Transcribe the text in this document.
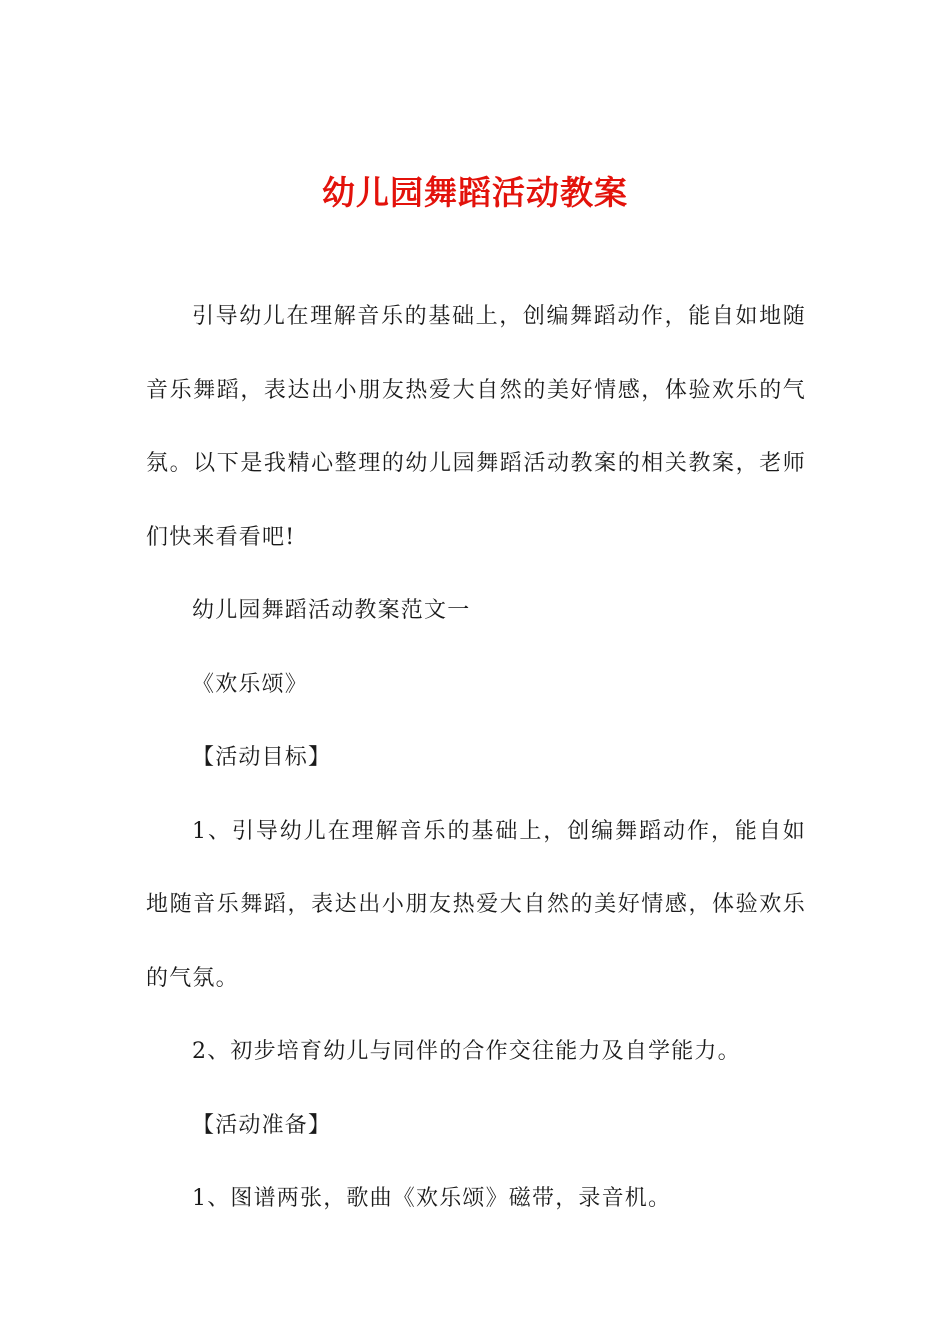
幼儿园舞蹈活动教案

引导幼儿在理解音乐的基础上，创编舞蹈动作，能自如地随音乐舞蹈，表达出小朋友热爱大自然的美好情感，体验欢乐的气氛。以下是我精心整理的幼儿园舞蹈活动教案的相关教案，老师们快来看看吧!

幼儿园舞蹈活动教案范文一

《欢乐颂》

【活动目标】

1、引导幼儿在理解音乐的基础上，创编舞蹈动作，能自如地随音乐舞蹈，表达出小朋友热爱大自然的美好情感，体验欢乐的气氛。

2、初步培育幼儿与同伴的合作交往能力及自学能力。

【活动准备】

1、图谱两张，歌曲《欢乐颂》磁带，录音机。
